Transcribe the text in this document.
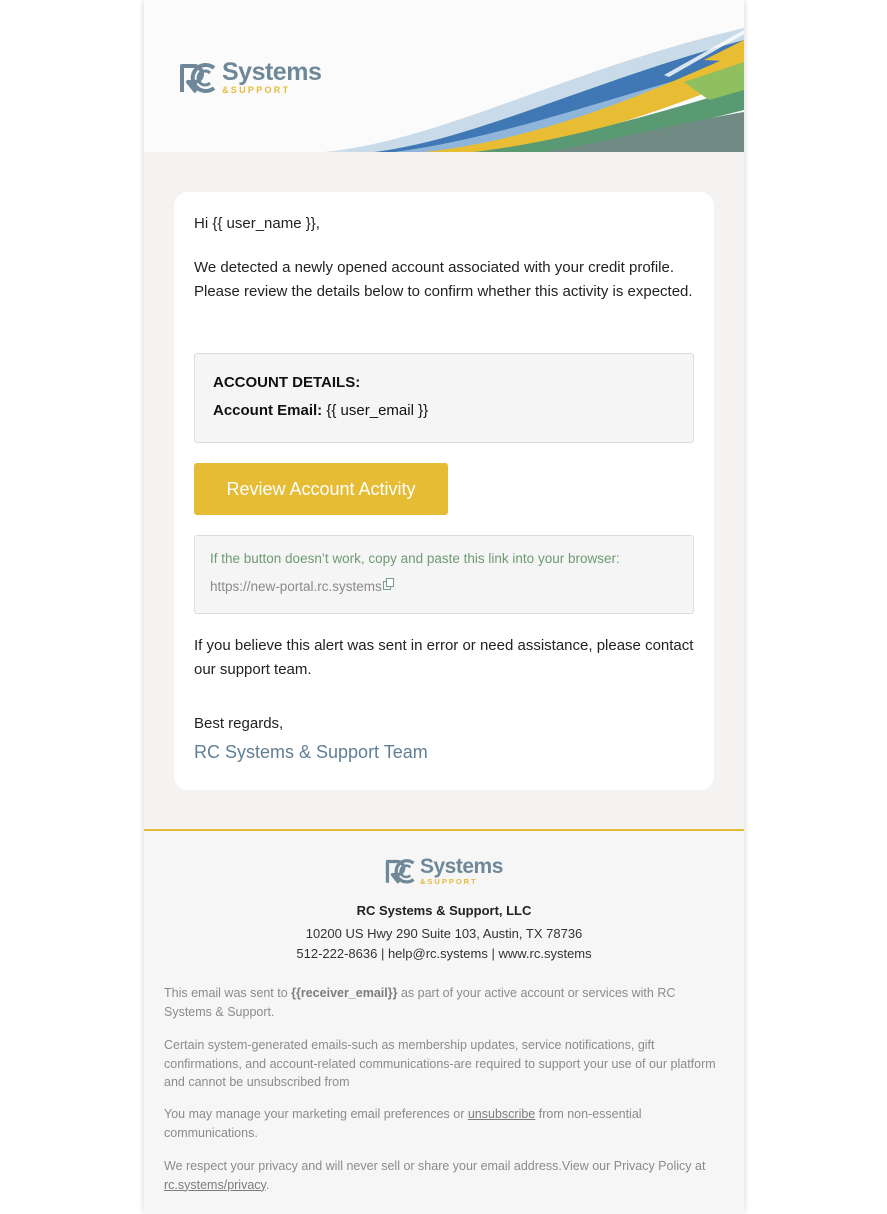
Systems
&SUPPORT

Hi {{ user_name }},

We detected a newly opened account associated with your credit profile. Please review the details below to confirm whether this activity is expected.

ACCOUNT DETAILS:
Account Email: {{ user_email }}
Review Account Activity
If the button doesn’t work, copy and paste this link into your browser:
https://new-portal.rc.systems

If you believe this alert was sent in error or need assistance, please contact our support team.

Best regards,

RC Systems & Support Team
Systems
&SUPPORT
RC Systems & Support, LLC
10200 US Hwy 290 Suite 103, Austin, TX 78736
512-222-8636 | help@rc.systems | www.rc.systems

This email was sent to {{receiver_email}} as part of your active account or services with RC Systems & Support.

Certain system-generated emails-such as membership updates, service notifications, gift confirmations, and account-related communications-are required to support your use of our platform and cannot be unsubscribed from

You may manage your marketing email preferences or unsubscribe from non-essential communications.

We respect your privacy and will never sell or share your email address.View our Privacy Policy at rc.systems/privacy.
